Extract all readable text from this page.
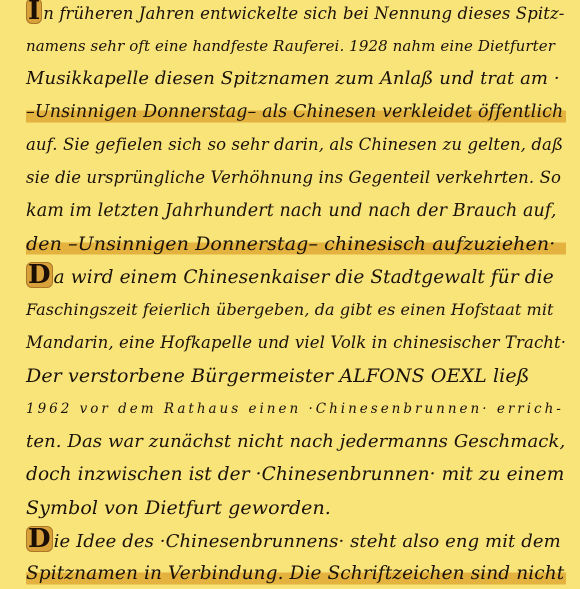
I n früheren Jahren entwickelte sich bei Nennung dieses Spitz-
namens sehr oft eine handfeste Rauferei. 1928 nahm eine Dietfurter
Musikkapelle diesen Spitznamen zum Anlaß und trat am ·
–Unsinnigen Donnerstag– als Chinesen verkleidet öffentlich
auf. Sie gefielen sich so sehr darin, als Chinesen zu gelten, daß
sie die ursprüngliche Verhöhnung ins Gegenteil verkehrten. So
kam im letzten Jahrhundert nach und nach der Brauch auf,
den –Unsinnigen Donnerstag– chinesisch aufzuziehen·
D a wird einem Chinesenkaiser die Stadtgewalt für die
Faschingszeit feierlich übergeben, da gibt es einen Hofstaat mit
Mandarin, eine Hofkapelle und viel Volk in chinesischer Tracht·
Der verstorbene Bürgermeister ALFONS OEXL ließ
1962 vor dem Rathaus einen ·Chinesenbrunnen· errich-
ten. Das war zunächst nicht nach jedermanns Geschmack,
doch inzwischen ist der ·Chinesenbrunnen· mit zu einem
Symbol von Dietfurt geworden.
D ie Idee des ·Chinesenbrunnens· steht also eng mit dem
Spitznamen in Verbindung. Die Schriftzeichen sind nicht
